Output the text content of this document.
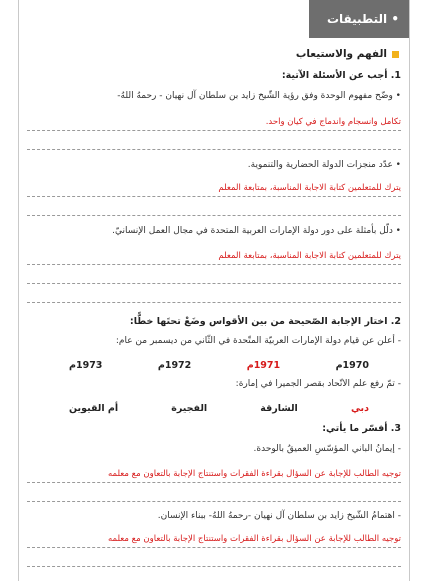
• التطبيقات
الفهم والاستيعاب
1. أجب عن الأسئلة الآتية:
• وضّح مفهوم الوحدة وفق رؤية الشّيخ زايد بن سلطان آل نهيان - رحمهُ اللهُ-
تكامل وانسجام واندماج في كيان واحد.
• عدّد منجزات الدولة الحضارية والتنموية.
يترك للمتعلمين كتابة الاجابة المناسبة، بمتابعة المعلم
• دلّل بأمثلة على دور دولة الإمارات العربية المتحدة في مجال العمل الإنسانيّ.
يترك للمتعلمين كتابة الاجابة المناسبة، بمتابعة المعلم
2. اختار الإجابة الصّحيحة من بين الأقواس وضَعْ تحتَها خطًّا:
- أعلن عن قيام دولة الإمارات العربيّة المتّحدة في الثّاني من ديسمبر من عام:
1970م
1971م
1972م
1973م
- تمّ رفع علم الاتّحاد بقصر الجميرا في إمارة:
دبي
الشارقة
الفجيرة
أم القيوين
3. أفسّر ما يأتي:
- إيمانُ الباني المؤسّسِ العميقُ بالوحدة.
توجيه الطالب للإجابة عن السؤال بقراءة الفقرات واستنتاج الإجابة بالتعاون مع معلمه
- اهتمامُ الشّيخ زايد بن سلطان آل نهيان -رحمهُ اللهُ- ببناء الإنسان.
توجيه الطالب للإجابة عن السؤال بقراءة الفقرات واستنتاج الإجابة بالتعاون مع معلمه
